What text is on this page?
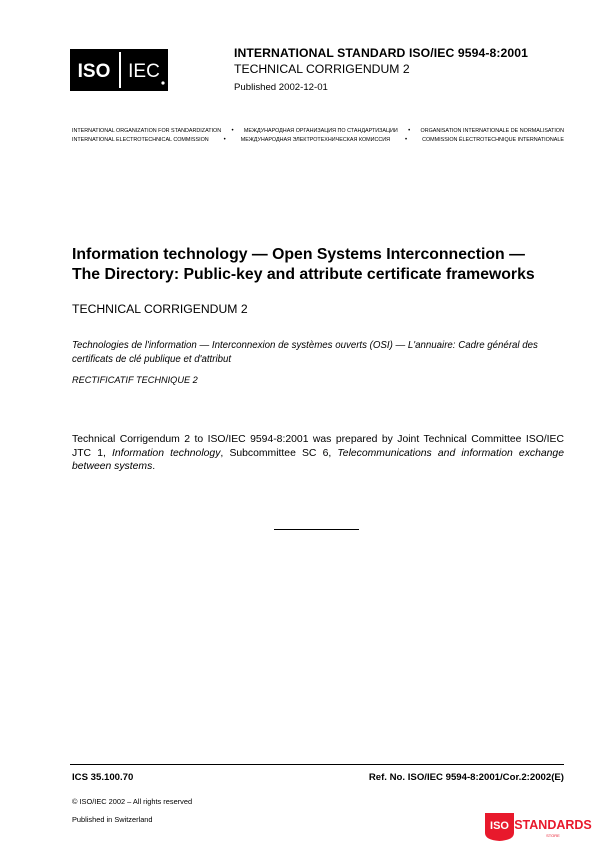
ISO IEC
INTERNATIONAL STANDARD ISO/IEC 9594-8:2001
TECHNICAL CORRIGENDUM 2
Published 2002-12-01
INTERNATIONAL ORGANIZATION FOR STANDARDIZATION • МЕЖДУНАРОДНАЯ ОРГАНИЗАЦИЯ ПО СТАНДАРТИЗАЦИИ • ORGANISATION INTERNATIONALE DE NORMALISATION
INTERNATIONAL ELECTROTECHNICAL COMMISSION •	МЕЖДУНАРОДНАЯ ЭЛЕКТРОТЕХНИЧЕСКАЯ КОМИССИЯ •	COMMISSION ÉLECTROTECHNIQUE INTERNATIONALE
Information technology — Open Systems Interconnection —
The Directory: Public-key and attribute certificate frameworks
TECHNICAL CORRIGENDUM 2
Technologies de l'information — Interconnexion de systèmes ouverts (OSI) — L'annuaire: Cadre général des certificats de clé publique et d'attribut
RECTIFICATIF TECHNIQUE 2
Technical Corrigendum 2 to ISO/IEC 9594-8:2001 was prepared by Joint Technical Committee ISO/IEC JTC 1, Information technology, Subcommittee SC 6, Telecommunications and information exchange between systems.
ICS 35.100.70	Ref. No. ISO/IEC 9594-8:2001/Cor.2:2002(E)
© ISO/IEC 2002 – All rights reserved
Published in Switzerland
ISO STANDARDS
STORE
